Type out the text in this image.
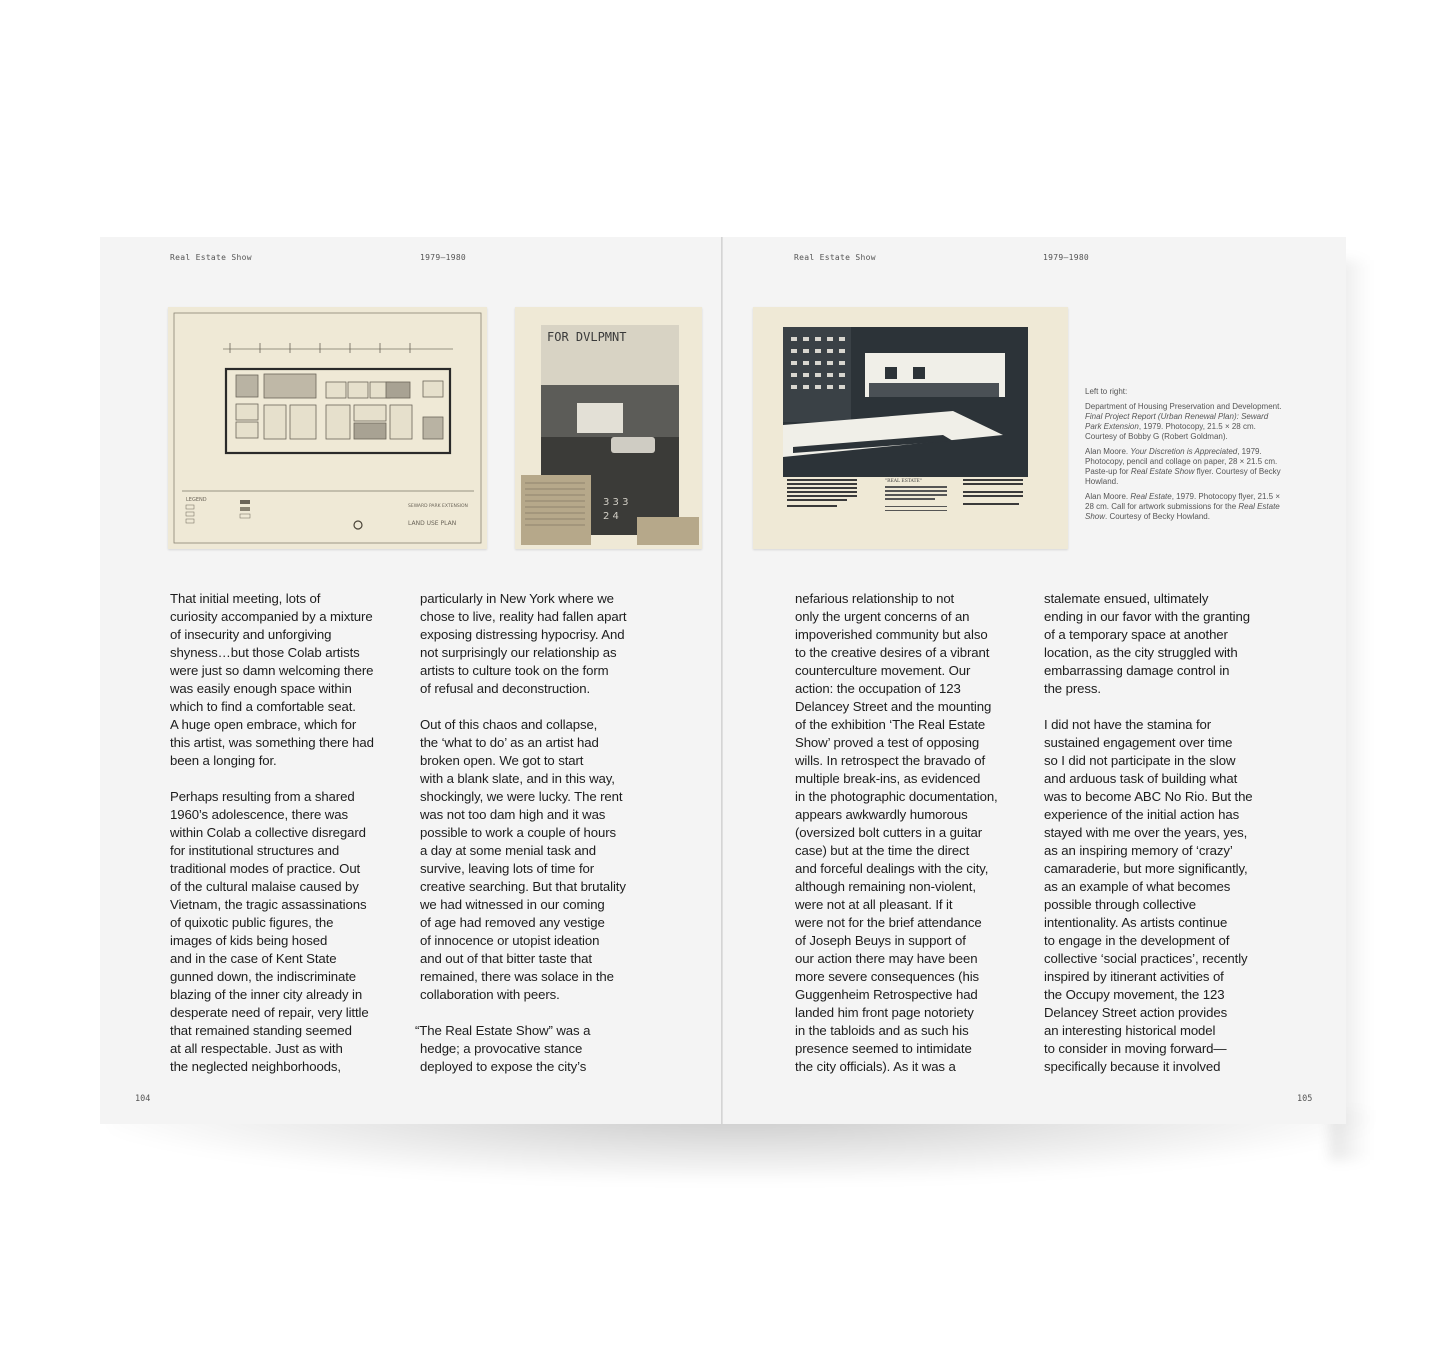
Real Estate Show	1979–1980
LEGEND
SEWARD PARK EXTENSION
LAND USE PLAN
FOR DVLPMNT
3 3 3
2 4

That initial meeting, lots of
curiosity accompanied by a mixture
of insecurity and unforgiving
shyness…but those Colab artists
were just so damn welcoming there
was easily enough space within
which to find a comfortable seat.
A huge open embrace, which for
this artist, was something there had
been a longing for.

Perhaps resulting from a shared
1960’s adolescence, there was
within Colab a collective disregard
for institutional structures and
traditional modes of practice. Out
of the cultural malaise caused by
Vietnam, the tragic assassinations
of quixotic public figures, the
images of kids being hosed
and in the case of Kent State
gunned down, the indiscriminate
blazing of the inner city already in
desperate need of repair, very little
that remained standing seemed
at all respectable. Just as with
the neglected neighborhoods,

particularly in New York where we
chose to live, reality had fallen apart
exposing distressing hypocrisy. And
not surprisingly our relationship as
artists to culture took on the form
of refusal and deconstruction.

Out of this chaos and collapse,
the ‘what to do’ as an artist had
broken open. We got to start
with a blank slate, and in this way,
shockingly, we were lucky. The rent
was not too dam high and it was
possible to work a couple of hours
a day at some menial task and
survive, leaving lots of time for
creative searching. But that brutality
we had witnessed in our coming
of age had removed any vestige
of innocence or utopist ideation
and out of that bitter taste that
remained, there was solace in the
collaboration with peers.

“The Real Estate Show” was a
hedge; a provocative stance
deployed to expose the city’s

104
Real Estate Show	1979–1980
"REAL ESTATE"

Left to right:

Department of Housing Preservation and Development. Final Project Report (Urban Renewal Plan): Seward Park Extension, 1979. Photocopy, 21.5 × 28 cm. Courtesy of Bobby G (Robert Goldman).

Alan Moore. Your Discretion is Appreciated, 1979. Photocopy, pencil and collage on paper, 28 × 21.5 cm. Paste-up for Real Estate Show flyer. Courtesy of Becky Howland.

Alan Moore. Real Estate, 1979. Photocopy flyer, 21.5 × 28 cm. Call for artwork submissions for the Real Estate Show. Courtesy of Becky Howland.

nefarious relationship to not
only the urgent concerns of an
impoverished community but also
to the creative desires of a vibrant
counterculture movement. Our
action: the occupation of 123
Delancey Street and the mounting
of the exhibition ‘The Real Estate
Show’ proved a test of opposing
wills. In retrospect the bravado of
multiple break-ins, as evidenced
in the photographic documentation,
appears awkwardly humorous
(oversized bolt cutters in a guitar
case) but at the time the direct
and forceful dealings with the city,
although remaining non-violent,
were not at all pleasant. If it
were not for the brief attendance
of Joseph Beuys in support of
our action there may have been
more severe consequences (his
Guggenheim Retrospective had
landed him front page notoriety
in the tabloids and as such his
presence seemed to intimidate
the city officials). As it was a

stalemate ensued, ultimately
ending in our favor with the granting
of a temporary space at another
location, as the city struggled with
embarrassing damage control in
the press.

I did not have the stamina for
sustained engagement over time
so I did not participate in the slow
and arduous task of building what
was to become ABC No Rio. But the
experience of the initial action has
stayed with me over the years, yes,
as an inspiring memory of ‘crazy’
camaraderie, but more significantly,
as an example of what becomes
possible through collective
intentionality. As artists continue
to engage in the development of
collective ‘social practices’, recently
inspired by itinerant activities of
the Occupy movement, the 123
Delancey Street action provides
an interesting historical model
to consider in moving forward—
specifically because it involved

105
